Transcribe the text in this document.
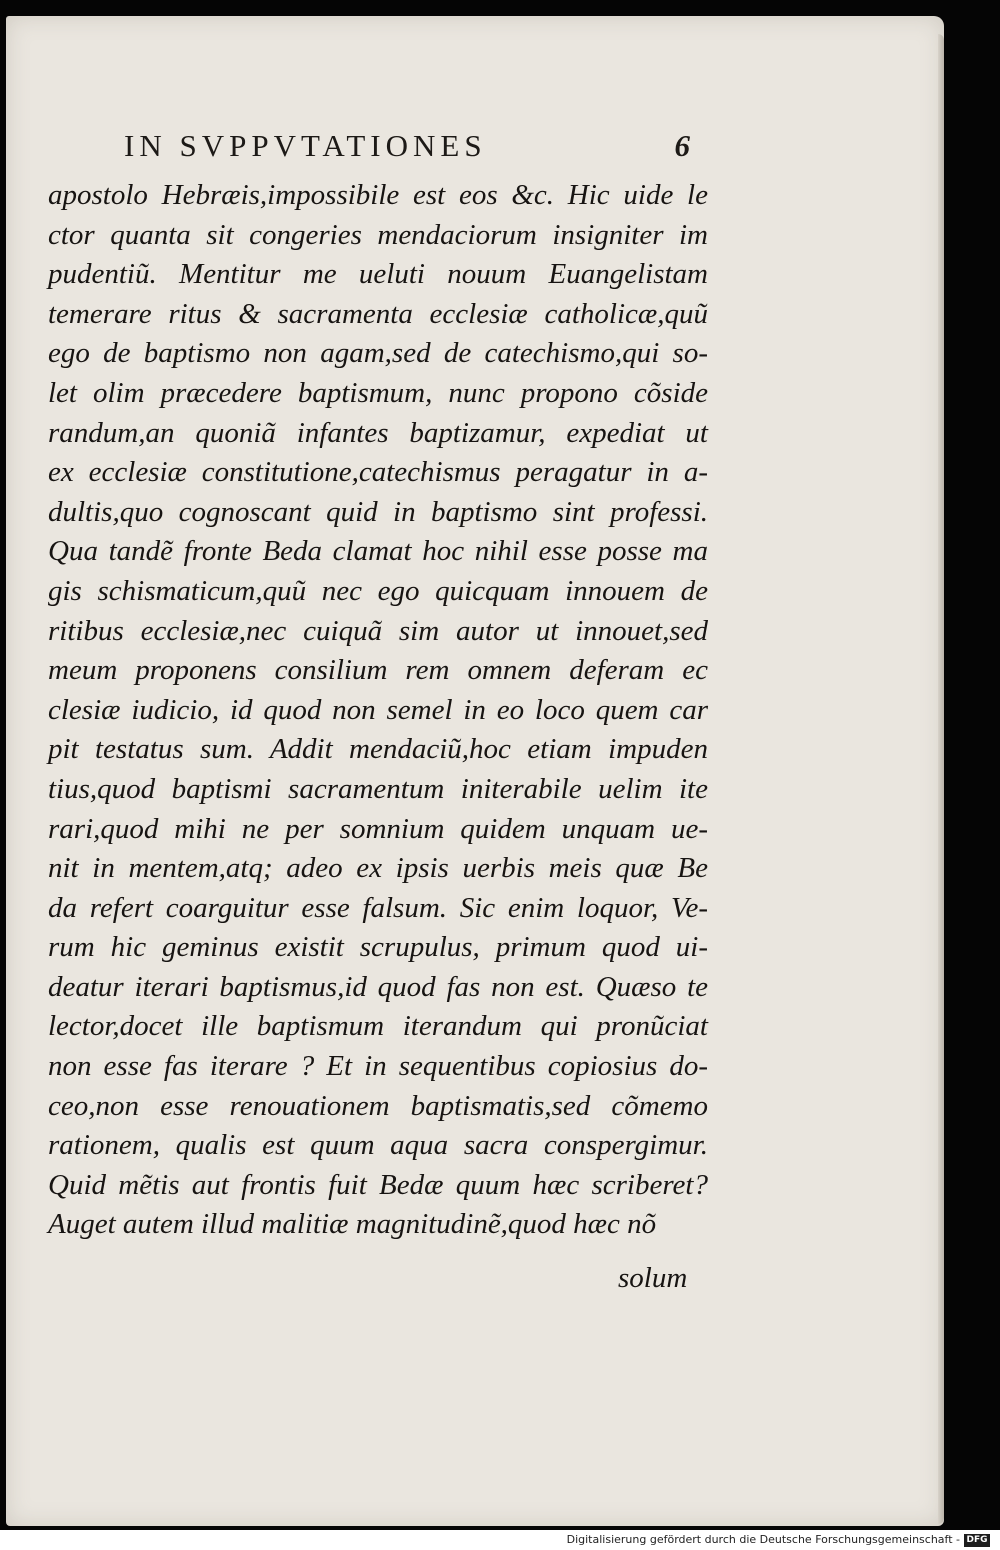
IN SVPPVTATIONES	6
apostolo Hebræis,impossibile est eos &c. Hic uide le
ctor quanta sit congeries mendaciorum insigniter im
pudentiũ. Mentitur me ueluti nouum Euangelistam
temerare ritus & sacramenta ecclesiæ catholicæ,quũ
ego de baptismo non agam,sed de catechismo,qui so-
let olim præcedere baptismum, nunc propono cõside
randum,an quoniã infantes baptizamur, expediat ut
ex ecclesiæ constitutione,catechismus peragatur in a-
dultis,quo cognoscant quid in baptismo sint professi.
Qua tandẽ fronte Beda clamat hoc nihil esse posse ma
gis schismaticum,quũ nec ego quicquam innouem de
ritibus ecclesiæ,nec cuiquã sim autor ut innouet,sed
meum proponens consilium rem omnem deferam ec
clesiæ iudicio, id quod non semel in eo loco quem car
pit testatus sum. Addit mendaciũ,hoc etiam impuden
tius,quod baptismi sacramentum initerabile uelim ite
rari,quod mihi ne per somnium quidem unquam ue-
nit in mentem,atq; adeo ex ipsis uerbis meis quæ Be
da refert coarguitur esse falsum. Sic enim loquor, Ve-
rum hic geminus existit scrupulus, primum quod ui-
deatur iterari baptismus,id quod fas non est. Quæso te
lector,docet ille baptismum iterandum qui pronũciat
non esse fas iterare ? Et in sequentibus copiosius do-
ceo,non esse renouationem baptismatis,sed cõmemo
rationem, qualis est quum aqua sacra conspergimur.
Quid mẽtis aut frontis fuit Bedæ quum hæc scriberet?
Auget autem illud malitiæ magnitudinẽ,quod hæc nõ
solum
Digitalisierung gefördert durch die Deutsche Forschungsgemeinschaft - DFG
